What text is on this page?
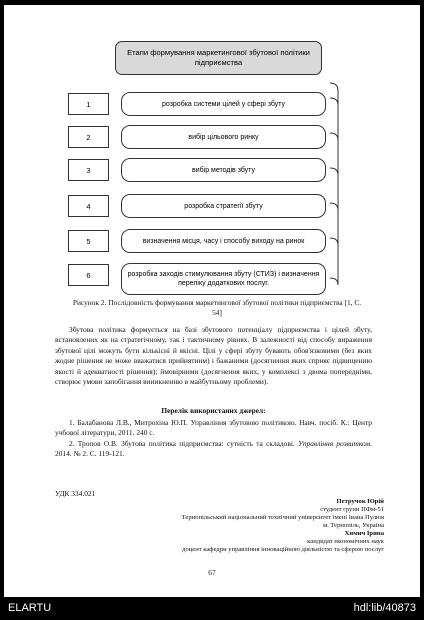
Етапи формування маркетингової збутової політики підприємства
1	розробка системи цілей у сфері збуту
2	вибір цільового ринку
3	вибір методів збуту
4	розробка стратегії збуту
5	визначення місця, часу і способу виходу на ринок
6	розробка заходів стимулювання збуту (СТИЗ) і визначення переліку додаткових послуг.
Рисунок 2. Послідовність формування маркетингової збутової політики підприємства [1, С. 54]
Збутова політика формується на базі збутового потенціалу підприємства і цілей збуту, встановлених як на стратегічному, так і тактичному рівнях. В залежності від способу вираження збутової цілі можуть бути кількісні й якісні. Цілі у сфері збуту бувають обов'язковими (без яких жодне рішення не може вважатися прийнятним) і бажаними (досягнення яких сприяє підвищенню якості й адекватності рішення); ймовірними (досягнення яких, у комплексі з двома попередніми, створює умови запобігання виникненню в майбутньому проблеми).
Перелік використаних джерел:
1. Балабанова Л.В., Митрохіна Ю.П. Управління збутовою політикою. Навч. посіб. К.: Центр учбової літератури, 2011. 240 с.
2. Тропов О.В. Збутова політика підприємства: сутність та складові. Управління розвитком. 2014. № 2. С. 119-121.
УДК 334.021
Петручок Юрій
студент групи ПФм-51
Тернопільський національний технічний університет імені Івана Пулюя
м. Тернопіль, Україна
Химич Ірина
кандидат економічних наук
доцент кафедри управління інноваційною діяльністю та сферою послуг
67
ELARTU	hdl:lib/40873
